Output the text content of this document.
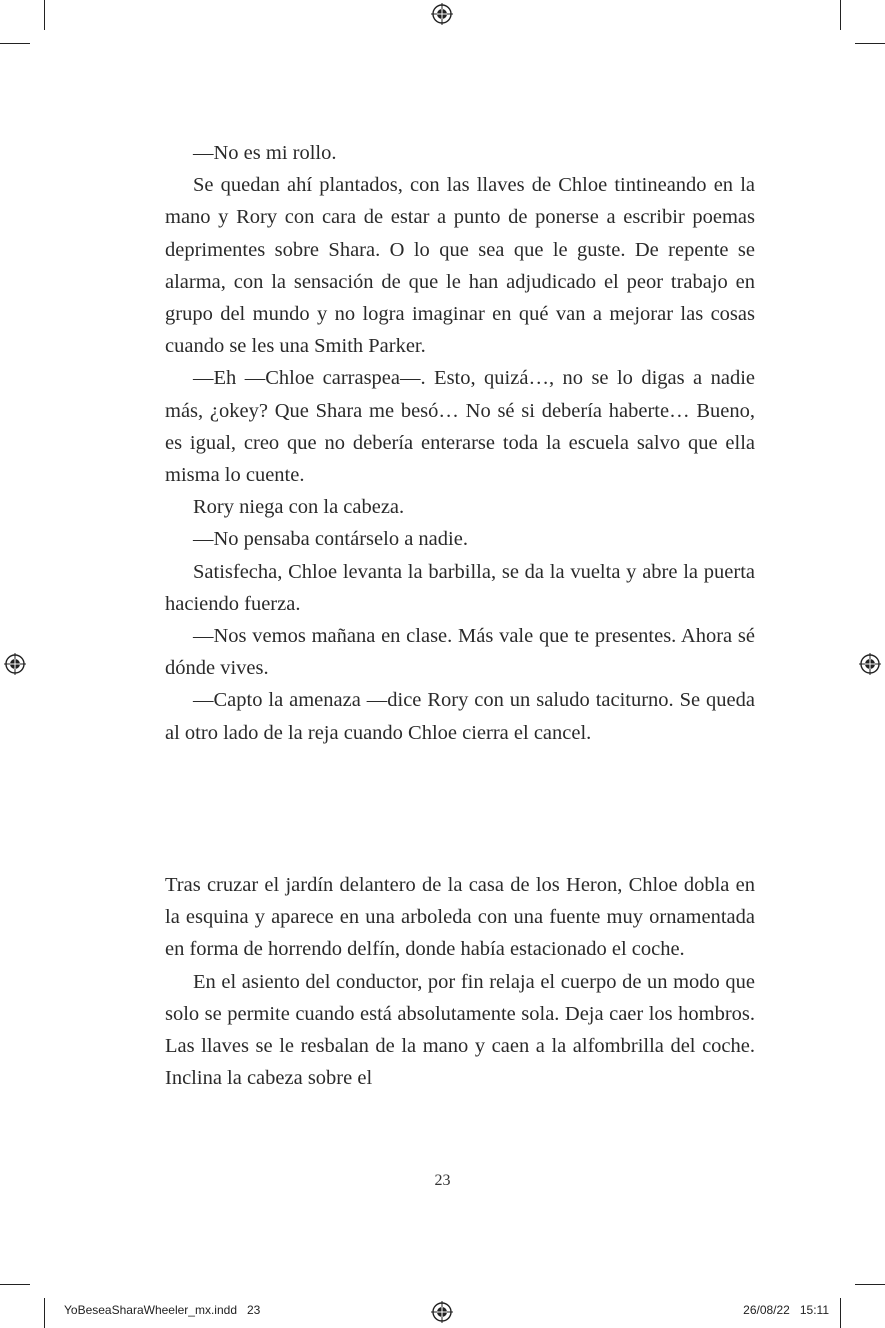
—No es mi rollo.

Se quedan ahí plantados, con las llaves de Chloe tintineando en la mano y Rory con cara de estar a punto de ponerse a escribir poemas deprimentes sobre Shara. O lo que sea que le guste. De repente se alarma, con la sensación de que le han adjudicado el peor trabajo en grupo del mundo y no logra imaginar en qué van a mejorar las cosas cuando se les una Smith Parker.

—Eh —Chloe carraspea—. Esto, quizá…, no se lo digas a nadie más, ¿okey? Que Shara me besó… No sé si debería haberte… Bueno, es igual, creo que no debería enterarse toda la escuela salvo que ella misma lo cuente.

Rory niega con la cabeza.

—No pensaba contárselo a nadie.

Satisfecha, Chloe levanta la barbilla, se da la vuelta y abre la puerta haciendo fuerza.

—Nos vemos mañana en clase. Más vale que te presentes. Ahora sé dónde vives.

—Capto la amenaza —dice Rory con un saludo taciturno. Se queda al otro lado de la reja cuando Chloe cierra el cancel.

Tras cruzar el jardín delantero de la casa de los Heron, Chloe dobla en la esquina y aparece en una arboleda con una fuente muy ornamentada en forma de horrendo delfín, donde había estacionado el coche.

En el asiento del conductor, por fin relaja el cuerpo de un modo que solo se permite cuando está absolutamente sola. Deja caer los hombros. Las llaves se le resbalan de la mano y caen a la alfombrilla del coche. Inclina la cabeza sobre el

23
YoBeseaSharaWheeler_mx.indd   23	26/08/22   15:11
